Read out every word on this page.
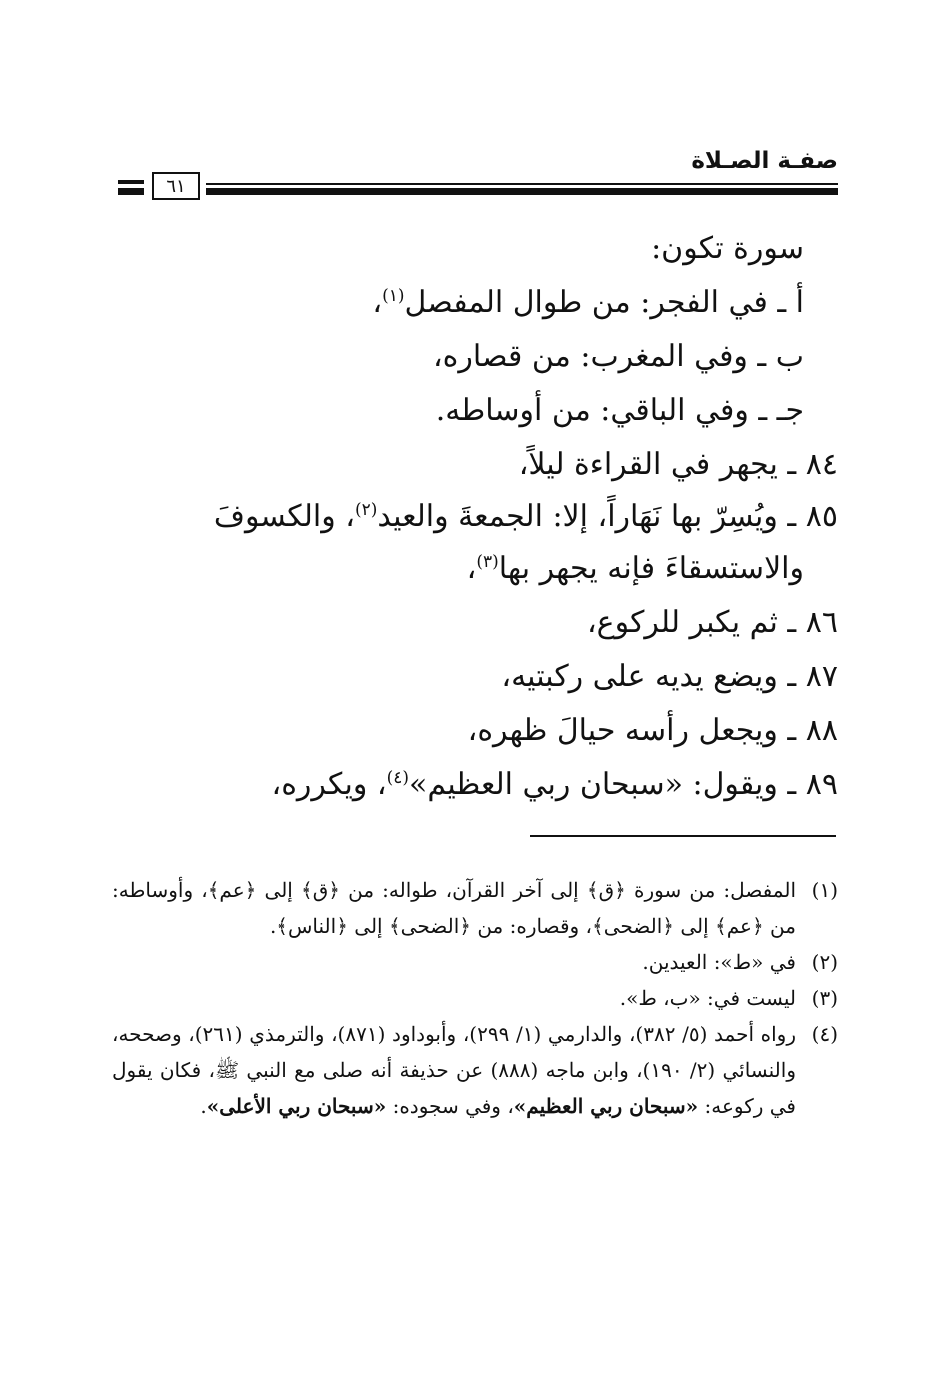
صفـة الصـلاة
٦١

سورة تكون:

أ ـ في الفجر: من طوال المفصل$^{(١)}$،

ب ـ وفي المغرب: من قصاره،

جـ ـ وفي الباقي: من أوساطه.

٨٤ ـ يجهر في القراءة ليلاً،

٨٥ ـ ويُسِرّ بها نَهَاراً، إلا: الجمعةَ والعيد$^{(٢)}$، والكسوفَ

والاستسقاءَ فإنه يجهر بها$^{(٣)}$،

٨٦ ـ ثم يكبر للركوع،

٨٧ ـ ويضع يديه على ركبتيه،

٨٨ ـ ويجعل رأسه حيالَ ظهره،

٨٩ ـ ويقول: «سبحان ربي العظيم»$^{(٤)}$، ويكرره،

(١)
المفصل: من سورة ﴿ق﴾ إلى آخر القرآن، طواله: من ﴿ق﴾ إلى ﴿عم﴾، وأوساطه: من ﴿عم﴾ إلى ﴿الضحى﴾، وقصاره: من ﴿الضحى﴾ إلى ﴿الناس﴾.
(٢)
في «ط»: العيدين.
(٣)
ليست في: «ب، ط».
(٤)
رواه أحمد (٥/ ٣٨٢)، والدارمي (١/ ٢٩٩)، وأبوداود (٨٧١)، والترمذي (٢٦١)، وصححه، والنسائي (٢/ ١٩٠)، وابن ماجه (٨٨٨) عن حذيفة أنه صلى مع النبي ﷺ، فكان يقول في ركوعه: «سبحان ربي العظيم»، وفي سجوده: «سبحان ربي الأعلى».
